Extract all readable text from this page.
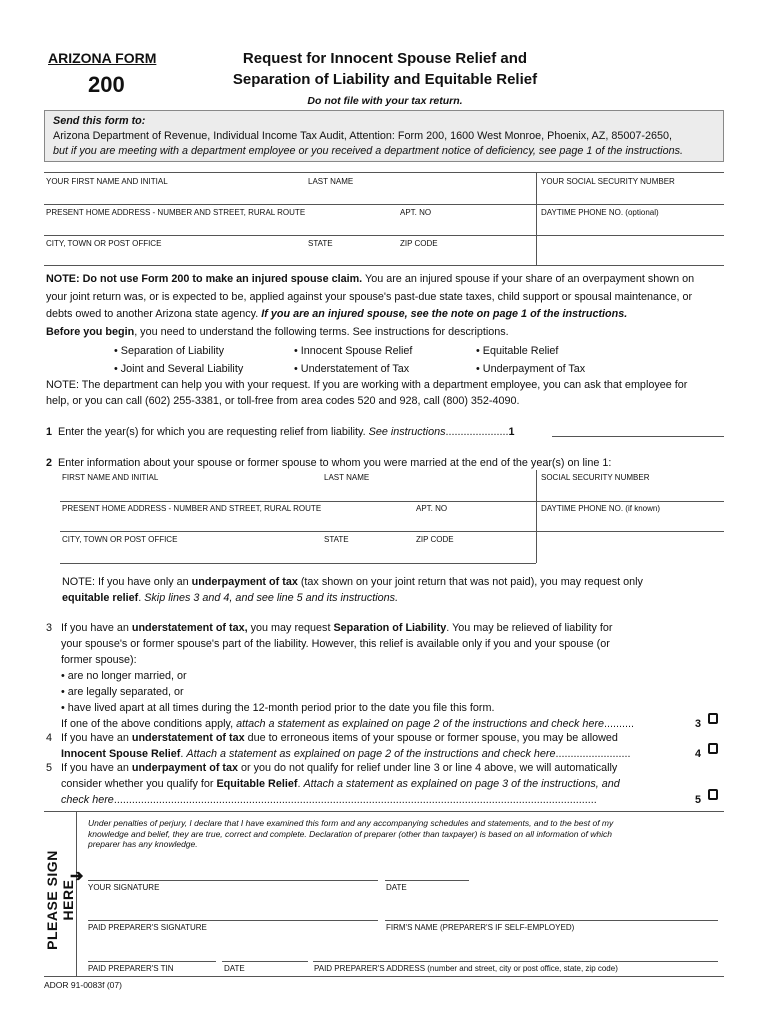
ARIZONA FORM
200
Request for Innocent Spouse Relief and
Separation of Liability and Equitable Relief
Do not file with your tax return.
Send this form to:
Arizona Department of Revenue, Individual Income Tax Audit, Attention: Form 200, 1600 West Monroe, Phoenix, AZ, 85007-2650,
but if you are meeting with a department employee or you received a department notice of deficiency, see page 1 of the instructions.
YOUR FIRST NAME AND INITIAL	LAST NAME	YOUR SOCIAL SECURITY NUMBER
PRESENT HOME ADDRESS - NUMBER AND STREET, RURAL ROUTE	APT. NO	DAYTIME PHONE NO. (optional)
CITY, TOWN OR POST OFFICE	STATE	ZIP CODE
NOTE: Do not use Form 200 to make an injured spouse claim. You are an injured spouse if your share of an overpayment shown on
your joint return was, or is expected to be, applied against your spouse's past-due state taxes, child support or spousal maintenance, or
debts owed to another Arizona state agency. If you are an injured spouse, see the note on page 1 of the instructions.
Before you begin, you need to understand the following terms. See instructions for descriptions.
• Separation of Liability	• Innocent Spouse Relief	• Equitable Relief
• Joint and Several Liability	• Understatement of Tax	• Underpayment of Tax
NOTE: The department can help you with your request. If you are working with a department employee, you can ask that employee for
help, or you can call (602) 255-3381, or toll-free from area codes 520 and 928, call (800) 352-4090.
1 Enter the year(s) for which you are requesting relief from liability. See instructions.....................1
2 Enter information about your spouse or former spouse to whom you were married at the end of the year(s) on line 1:
FIRST NAME AND INITIAL	LAST NAME	SOCIAL SECURITY NUMBER
PRESENT HOME ADDRESS - NUMBER AND STREET, RURAL ROUTE	APT. NO	DAYTIME PHONE NO. (if known)
CITY, TOWN OR POST OFFICE	STATE	ZIP CODE
NOTE: If you have only an underpayment of tax (tax shown on your joint return that was not paid), you may request only
equitable relief. Skip lines 3 and 4, and see line 5 and its instructions.
3 If you have an understatement of tax, you may request Separation of Liability. You may be relieved of liability for
your spouse's or former spouse's part of the liability. However, this relief is available only if you and your spouse (or
former spouse):
• are no longer married, or
• are legally separated, or
• have lived apart at all times during the 12-month period prior to the date you file this form.
If one of the above conditions apply, attach a statement as explained on page 2 of the instructions and check here..........	3
4 If you have an understatement of tax due to erroneous items of your spouse or former spouse, you may be allowed
Innocent Spouse Relief. Attach a statement as explained on page 2 of the instructions and check here.........................	4
5 If you have an underpayment of tax or you do not qualify for relief under line 3 or line 4 above, we will automatically
consider whether you qualify for Equitable Relief. Attach a statement as explained on page 3 of the instructions, and
check here.................................................................................................................................................................	5
PLEASE SIGN HERE
Under penalties of perjury, I declare that I have examined this form and any accompanying schedules and statements, and to the best of my
knowledge and belief, they are true, correct and complete. Declaration of preparer (other than taxpayer) is based on all information of which
preparer has any knowledge.
➔
YOUR SIGNATURE	DATE
PAID PREPARER'S SIGNATURE	FIRM'S NAME (PREPARER'S IF SELF-EMPLOYED)
PAID PREPARER'S TIN	DATE	PAID PREPARER'S ADDRESS (number and street, city or post office, state, zip code)
ADOR 91-0083f (07)
